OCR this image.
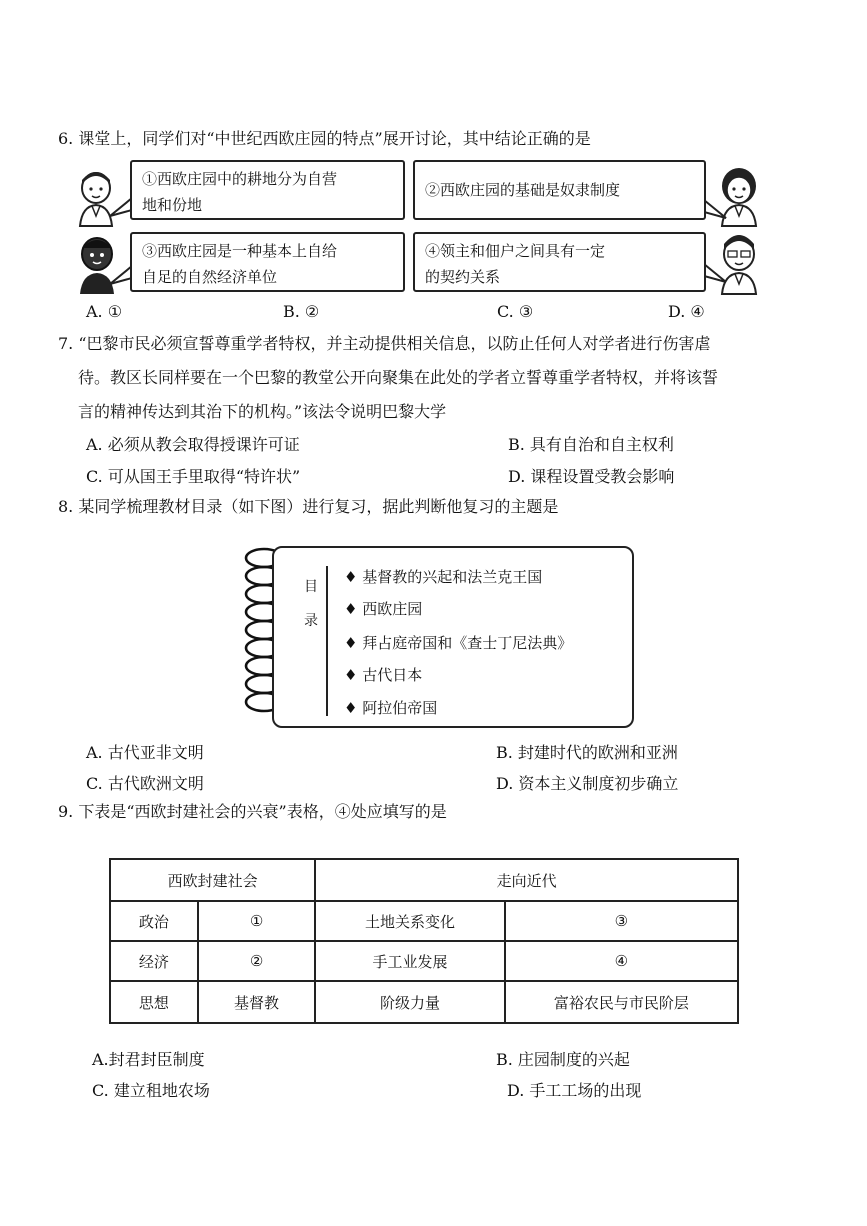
6. 课堂上，同学们对“中世纪西欧庄园的特点”展开讨论，其中结论正确的是
①西欧庄园中的耕地分为自营
地和份地
②西欧庄园的基础是奴隶制度
③西欧庄园是一种基本上自给
自足的自然经济单位
④领主和佃户之间具有一定
的契约关系
A. ①	B. ②	C. ③	D. ④
7. “巴黎市民必须宣誓尊重学者特权，并主动提供相关信息，以防止任何人对学者进行伤害虐
待。教区长同样要在一个巴黎的教堂公开向聚集在此处的学者立誓尊重学者特权，并将该誓
言的精神传达到其治下的机构。”该法令说明巴黎大学
A. 必须从教会取得授课许可证	B. 具有自治和自主权利
C. 可从国王手里取得“特许状”	D. 课程设置受教会影响
8. 某同学梳理教材目录（如下图）进行复习，据此判断他复习的主题是
目
录
♦ 基督教的兴起和法兰克王国
♦ 西欧庄园
♦ 拜占庭帝国和《查士丁尼法典》
♦ 古代日本
♦ 阿拉伯帝国
A. 古代亚非文明	B. 封建时代的欧洲和亚洲
C. 古代欧洲文明	D. 资本主义制度初步确立
9. 下表是“西欧封建社会的兴衰”表格，④处应填写的是
西欧封建社会		走向近代	
政治	①	土地关系变化	③
经济	②	手工业发展	④
思想	基督教	阶级力量	富裕农民与市民阶层
A.封君封臣制度	B. 庄园制度的兴起
C. 建立租地农场	D. 手工工场的出现
